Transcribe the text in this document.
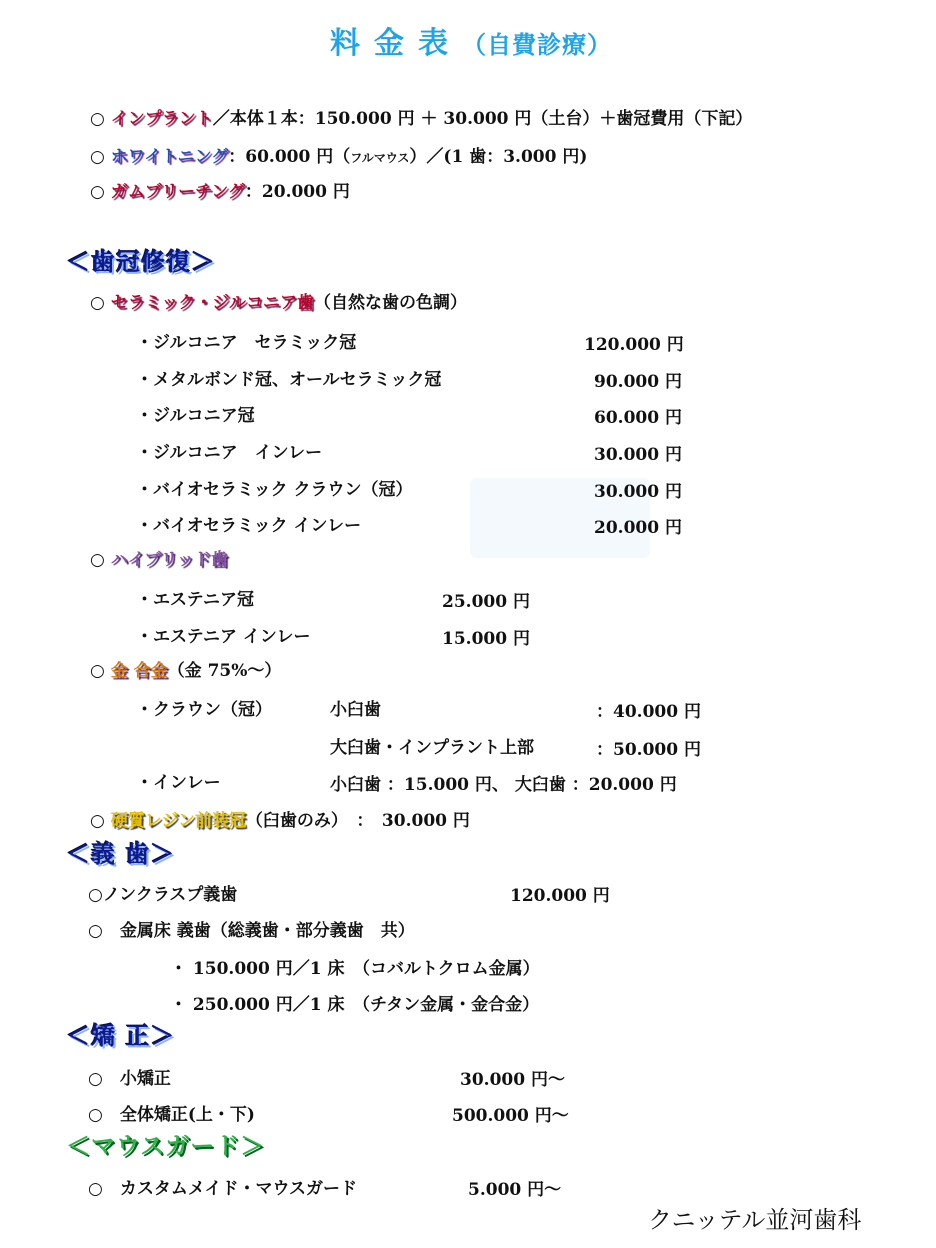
料金表（自費診療）
○ インプラント／本体１本：150.000 円 ＋ 30.000 円（土台）＋歯冠費用（下記）
○ ホワイトニング：60.000 円（フルマウス）／(1 歯：3.000 円)
○ ガムブリーチング：20.000 円
＜歯冠修復＞
○ セラミック・ジルコニア歯（自然な歯の色調）
・ジルコニア　セラミック冠	120.000 円
・メタルボンド冠、オールセラミック冠	90.000 円
・ジルコニア冠	60.000 円
・ジルコニア　インレー	30.000 円
・バイオセラミック クラウン（冠）	30.000 円
・バイオセラミック インレー	20.000 円
○ ハイブリッド歯
・エステニア冠	25.000 円
・エステニア インレー	15.000 円
○ 金 合金（金 75%～）
・クラウン（冠）	小臼歯	：40.000 円
大臼歯・インプラント上部	：50.000 円
・インレー	小臼歯 ：15.000 円、 大臼歯 ：20.000 円
○ 硬質レジン前装冠（臼歯のみ）　：　30.000 円
＜義 歯＞
○ノンクラスプ義歯	120.000 円
○　金属床 義歯（総義歯・部分義歯　共）
・ 150.000 円／1 床　（コバルトクロム金属）
・ 250.000 円／1 床　（チタン金属・金合金）
＜矯 正＞
○　小矯正	30.000 円～
○　全体矯正(上・下)	500.000 円～
＜マウスガード＞
○　カスタムメイド・マウスガード	5.000 円～
クニッテル並河歯科
